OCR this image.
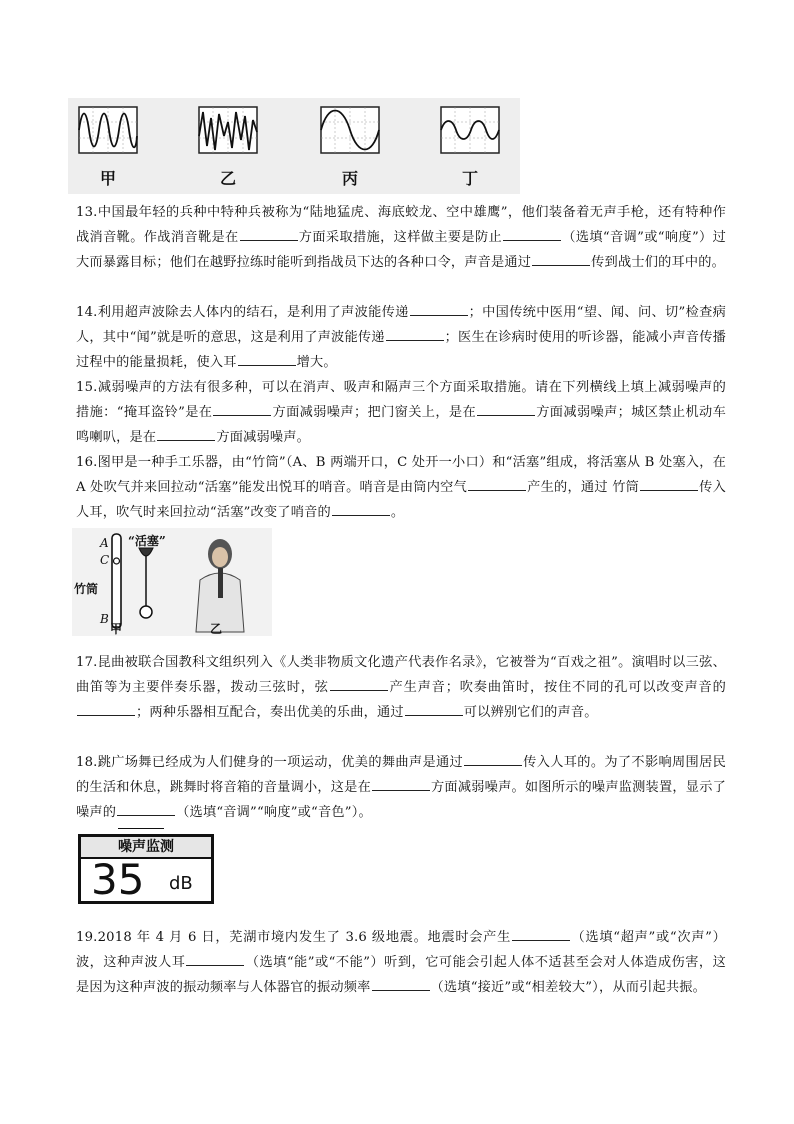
甲	乙	丙	丁
13.中国最年轻的兵种中特种兵被称为“陆地猛虎、海底蛟龙、空中雄鹰”，他们装备着无声手枪，还有特种作战消音靴。作战消音靴是在	方面采取措施，这样做主要是防止	（选填“音调”或“响度”）过大而暴露目标；他们在越野拉练时能听到指战员下达的各种口令，声音是通过	传到战士们的耳中的。
14.利用超声波除去人体内的结石，是利用了声波能传递	；中国传统中医用“望、闻、问、切”检查病人，其中“闻”就是听的意思，这是利用了声波能传递	；医生在诊病时使用的听诊器，能减小声音传播过程中的能量损耗，使入耳	增大。
15.减弱噪声的方法有很多种，可以在消声、吸声和隔声三个方面采取措施。请在下列横线上填上减弱噪声的措施：“掩耳盗铃”是在	方面减弱噪声；把门窗关上，是在	方面减弱噪声；城区禁止机动车鸣喇叭，是在	方面减弱噪声。
16.图甲是一种手工乐器，由“竹筒”（A、B 两端开口，C 处开一小口）和“活塞”组成，将活塞从 B 处塞入，在 A 处吹气并来回拉动“活塞”能发出悦耳的哨音。哨音是由筒内空气	产生的，通过 竹筒	传入人耳，吹气时来回拉动“活塞”改变了哨音的	。
A
C
B
“活塞”
竹筒
甲	乙
17.昆曲被联合国教科文组织列入《人类非物质文化遗产代表作名录》，它被誉为“百戏之祖”。演唱时以三弦、曲笛等为主要伴奏乐器，拨动三弦时，弦	产生声音；吹奏曲笛时，按住不同的孔可以改变声音的；两种乐器相互配合，奏出优美的乐曲，通过	可以辨别它们的声音。
18.跳广场舞已经成为人们健身的一项运动，优美的舞曲声是通过	传入人耳的。为了不影响周围居民的生活和休息，跳舞时将音箱的音量调小，这是在	方面减弱噪声。如图所示的噪声监测装置，显示了噪声的	（选填“音调”“响度”或“音色”）。
噪声监测
35 dB
19.2018 年 4 月 6 日，芜湖市境内发生了 3.6 级地震。地震时会产生	（选填“超声”或“次声”）波，这种声波人耳	（选填“能”或“不能”）听到，它可能会引起人体不适甚至会对人体造成伤害，这是因为这种声波的振动频率与人体器官的振动频率	（选填“接近”或“相差较大”），从而引起共振。
